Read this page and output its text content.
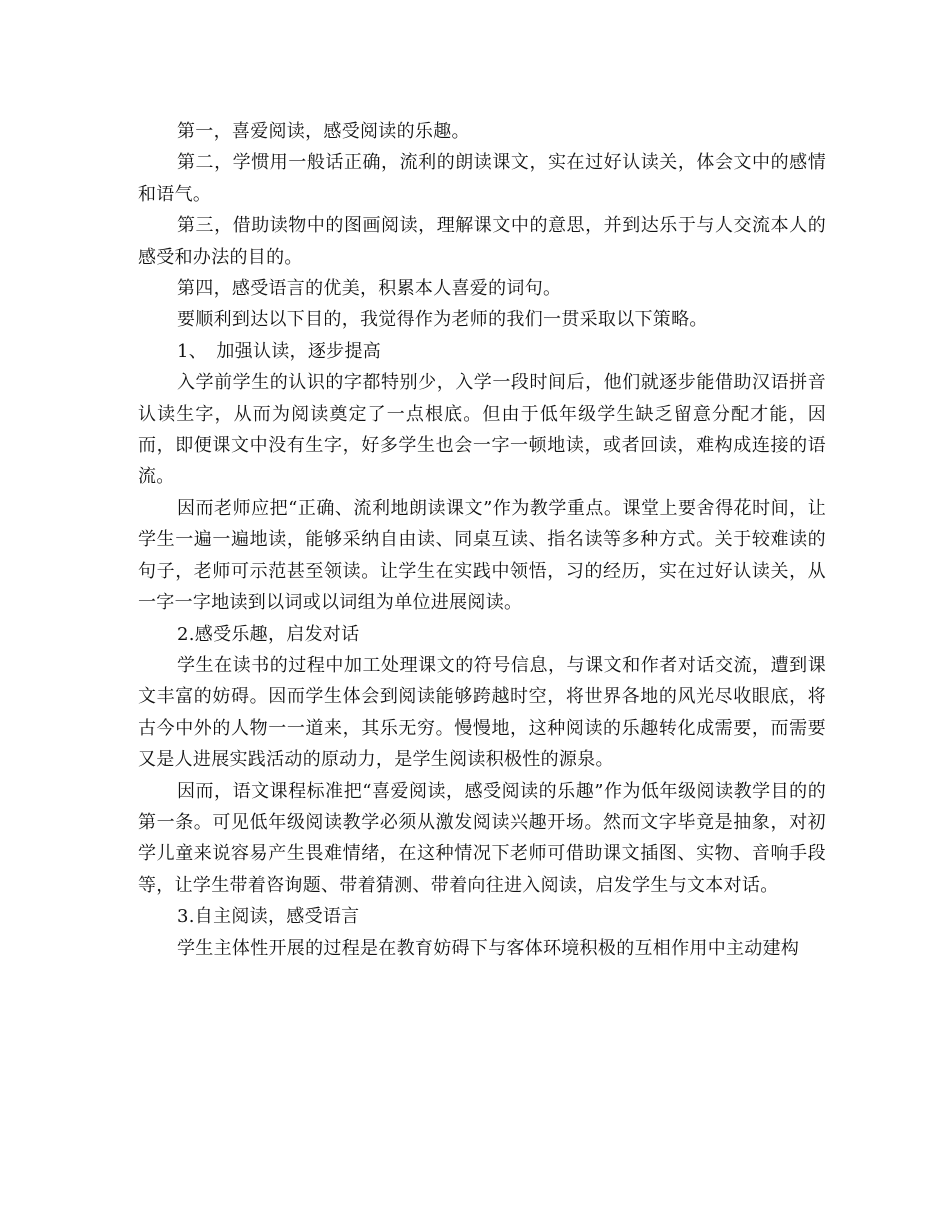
第一，喜爱阅读，感受阅读的乐趣。

第二，学惯用一般话正确，流利的朗读课文，实在过好认读关，体会文中的感情和语气。

第三，借助读物中的图画阅读，理解课文中的意思，并到达乐于与人交流本人的感受和办法的目的。

第四，感受语言的优美，积累本人喜爱的词句。

要顺利到达以下目的，我觉得作为老师的我们一贯采取以下策略。

1、　加强认读，逐步提高

入学前学生的认识的字都特别少，入学一段时间后，他们就逐步能借助汉语拼音认读生字，从而为阅读奠定了一点根底。但由于低年级学生缺乏留意分配才能，因而，即便课文中没有生字，好多学生也会一字一顿地读，或者回读，难构成连接的语流。

因而老师应把“正确、流利地朗读课文”作为教学重点。课堂上要舍得花时间，让学生一遍一遍地读，能够采纳自由读、同桌互读、指名读等多种方式。关于较难读的句子，老师可示范甚至领读。让学生在实践中领悟，习的经历，实在过好认读关，从一字一字地读到以词或以词组为单位进展阅读。

2.感受乐趣，启发对话

学生在读书的过程中加工处理课文的符号信息，与课文和作者对话交流，遭到课文丰富的妨碍。因而学生体会到阅读能够跨越时空，将世界各地的风光尽收眼底，将古今中外的人物一一道来，其乐无穷。慢慢地，这种阅读的乐趣转化成需要，而需要又是人进展实践活动的原动力，是学生阅读积极性的源泉。

因而，语文课程标准把“喜爱阅读，感受阅读的乐趣”作为低年级阅读教学目的的第一条。可见低年级阅读教学必须从激发阅读兴趣开场。然而文字毕竟是抽象，对初学儿童来说容易产生畏难情绪，在这种情况下老师可借助课文插图、实物、音响手段等，让学生带着咨询题、带着猜测、带着向往进入阅读，启发学生与文本对话。

3.自主阅读，感受语言

学生主体性开展的过程是在教育妨碍下与客体环境积极的互相作用中主动建构
